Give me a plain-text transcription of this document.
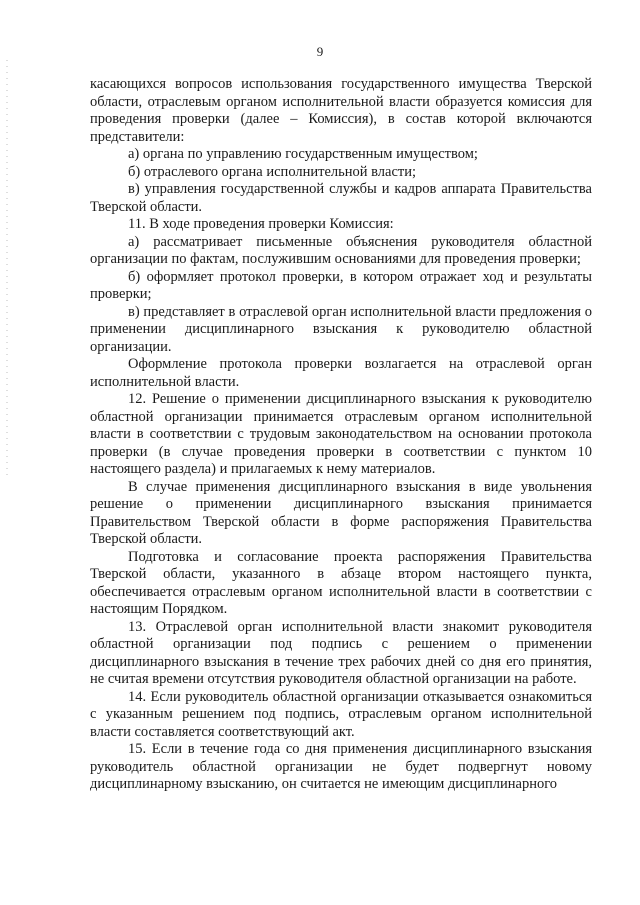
9

касающихся вопросов использования государственного имущества Тверской области, отраслевым органом исполнительной власти образуется комиссия для проведения проверки (далее – Комиссия), в состав которой включаются представители:

а) органа по управлению государственным имуществом;

б) отраслевого органа исполнительной власти;

в) управления государственной службы и кадров аппарата Правительства Тверской области.

11. В ходе проведения проверки Комиссия:

а) рассматривает письменные объяснения руководителя областной организации по фактам, послужившим основаниями для проведения проверки;

б) оформляет протокол проверки, в котором отражает ход и результаты проверки;

в) представляет в отраслевой орган исполнительной власти предложения о применении дисциплинарного взыскания к руководителю областной организации.

Оформление протокола проверки возлагается на отраслевой орган исполнительной власти.

12. Решение о применении дисциплинарного взыскания к руководителю областной организации принимается отраслевым органом исполнительной власти в соответствии с трудовым законодательством на основании протокола проверки (в случае проведения проверки в соответствии с пунктом 10 настоящего раздела) и прилагаемых к нему материалов.

В случае применения дисциплинарного взыскания в виде увольнения решение о применении дисциплинарного взыскания принимается Правительством Тверской области в форме распоряжения Правительства Тверской области.

Подготовка и согласование проекта распоряжения Правительства Тверской области, указанного в абзаце втором настоящего пункта, обеспечивается отраслевым органом исполнительной власти в соответствии с настоящим Порядком.

13. Отраслевой орган исполнительной власти знакомит руководителя областной организации под подпись с решением о применении дисциплинарного взыскания в течение трех рабочих дней со дня его принятия, не считая времени отсутствия руководителя областной организации на работе.

14. Если руководитель областной организации отказывается ознакомиться с указанным решением под подпись, отраслевым органом исполнительной власти составляется соответствующий акт.

15. Если в течение года со дня применения дисциплинарного взыскания руководитель областной организации не будет подвергнут новому дисциплинарному взысканию, он считается не имеющим дисциплинарного
